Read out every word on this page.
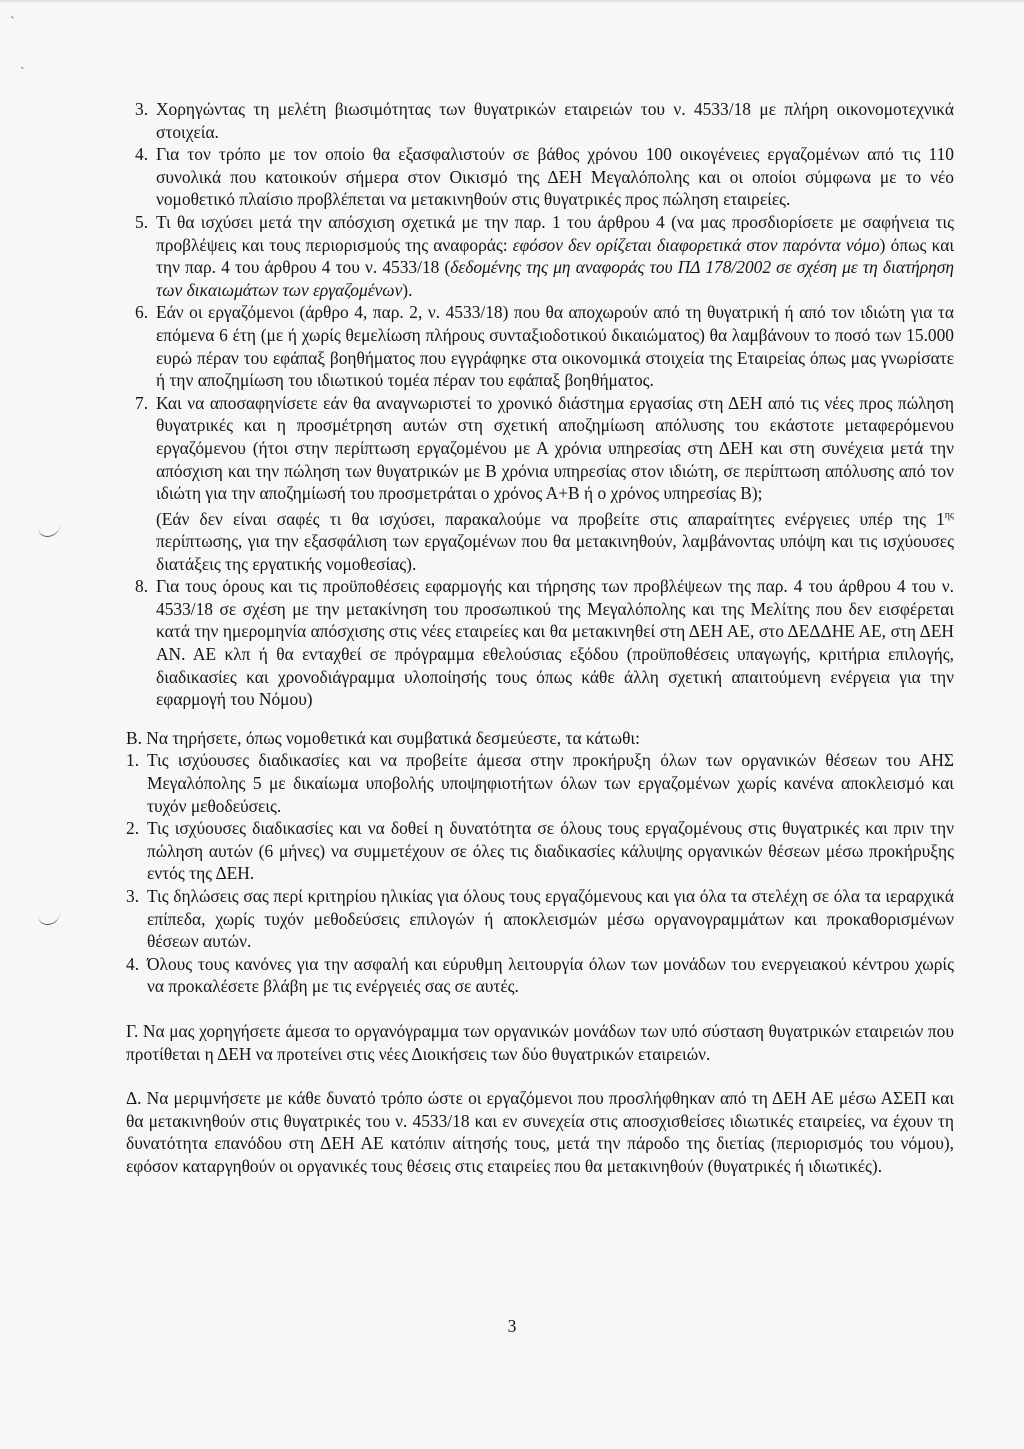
ˋ
ˎ
3. Χορηγώντας τη μελέτη βιωσιμότητας των θυγατρικών εταιρειών του ν. 4533/18 με πλήρη οικονομοτεχνικά στοιχεία.
4. Για τον τρόπο με τον οποίο θα εξασφαλιστούν σε βάθος χρόνου 100 οικογένειες εργαζομένων από τις 110 συνολικά που κατοικούν σήμερα στον Οικισμό της ΔΕΗ Μεγαλόπολης και οι οποίοι σύμφωνα με το νέο νομοθετικό πλαίσιο προβλέπεται να μετακινηθούν στις θυγατρικές προς πώληση εταιρείες.
5. Τι θα ισχύσει μετά την απόσχιση σχετικά με την παρ. 1 του άρθρου 4 (να μας προσδιορίσετε με σαφήνεια τις προβλέψεις και τους περιορισμούς της αναφοράς: εφόσον δεν ορίζεται διαφορετικά στον παρόντα νόμο) όπως και την παρ. 4 του άρθρου 4 του ν. 4533/18 (δεδομένης της μη αναφοράς του ΠΔ 178/2002 σε σχέση με τη διατήρηση των δικαιωμάτων των εργαζομένων).
6. Εάν οι εργαζόμενοι (άρθρο 4, παρ. 2, ν. 4533/18) που θα αποχωρούν από τη θυγατρική ή από τον ιδιώτη για τα επόμενα 6 έτη (με ή χωρίς θεμελίωση πλήρους συνταξιοδοτικού δικαιώματος) θα λαμβάνουν το ποσό των 15.000 ευρώ πέραν του εφάπαξ βοηθήματος που εγγράφηκε στα οικονομικά στοιχεία της Εταιρείας όπως μας γνωρίσατε ή την αποζημίωση του ιδιωτικού τομέα πέραν του εφάπαξ βοηθήματος.
7. Και να αποσαφηνίσετε εάν θα αναγνωριστεί το χρονικό διάστημα εργασίας στη ΔΕΗ από τις νέες προς πώληση θυγατρικές και η προσμέτρηση αυτών στη σχετική αποζημίωση απόλυσης του εκάστοτε μεταφερόμενου εργαζόμενου (ήτοι στην περίπτωση εργαζομένου με Α χρόνια υπηρεσίας στη ΔΕΗ και στη συνέχεια μετά την απόσχιση και την πώληση των θυγατρικών με Β χρόνια υπηρεσίας στον ιδιώτη, σε περίπτωση απόλυσης από τον ιδιώτη για την αποζημίωσή του προσμετράται ο χρόνος Α+Β ή ο χρόνος υπηρεσίας Β);

(Εάν δεν είναι σαφές τι θα ισχύσει, παρακαλούμε να προβείτε στις απαραίτητες ενέργειες υπέρ της $1^{\eta\varsigma}$ περίπτωσης, για την εξασφάλιση των εργαζομένων που θα μετακινηθούν, λαμβάνοντας υπόψη και τις ισχύουσες διατάξεις της εργατικής νομοθεσίας).

8. Για τους όρους και τις προϋποθέσεις εφαρμογής και τήρησης των προβλέψεων της παρ. 4 του άρθρου 4 του ν. 4533/18 σε σχέση με την μετακίνηση του προσωπικού της Μεγαλόπολης και της Μελίτης που δεν εισφέρεται κατά την ημερομηνία απόσχισης στις νέες εταιρείες και θα μετακινηθεί στη ΔΕΗ ΑΕ, στο ΔΕΔΔΗΕ ΑΕ, στη ΔΕΗ ΑΝ. ΑΕ κλπ ή θα ενταχθεί σε πρόγραμμα εθελούσιας εξόδου (προϋποθέσεις υπαγωγής, κριτήρια επιλογής, διαδικασίες και χρονοδιάγραμμα υλοποίησής τους όπως κάθε άλλη σχετική απαιτούμενη ενέργεια για την εφαρμογή του Νόμου)

Β. Να τηρήσετε, όπως νομοθετικά και συμβατικά δεσμεύεστε, τα κάτωθι:

1. Τις ισχύουσες διαδικασίες και να προβείτε άμεσα στην προκήρυξη όλων των οργανικών θέσεων του ΑΗΣ Μεγαλόπολης 5 με δικαίωμα υποβολής υποψηφιοτήτων όλων των εργαζομένων χωρίς κανένα αποκλεισμό και τυχόν μεθοδεύσεις.
2. Τις ισχύουσες διαδικασίες και να δοθεί η δυνατότητα σε όλους τους εργαζομένους στις θυγατρικές και πριν την πώληση αυτών (6 μήνες) να συμμετέχουν σε όλες τις διαδικασίες κάλυψης οργανικών θέσεων μέσω προκήρυξης εντός της ΔΕΗ.
3. Τις δηλώσεις σας περί κριτηρίου ηλικίας για όλους τους εργαζόμενους και για όλα τα στελέχη σε όλα τα ιεραρχικά επίπεδα, χωρίς τυχόν μεθοδεύσεις επιλογών ή αποκλεισμών μέσω οργανογραμμάτων και προκαθορισμένων θέσεων αυτών.
4. Όλους τους κανόνες για την ασφαλή και εύρυθμη λειτουργία όλων των μονάδων του ενεργειακού κέντρου χωρίς να προκαλέσετε βλάβη με τις ενέργειές σας σε αυτές.

Γ. Να μας χορηγήσετε άμεσα το οργανόγραμμα των οργανικών μονάδων των υπό σύσταση θυγατρικών εταιρειών που προτίθεται η ΔΕΗ να προτείνει στις νέες Διοικήσεις των δύο θυγατρικών εταιρειών.

Δ. Να μεριμνήσετε με κάθε δυνατό τρόπο ώστε οι εργαζόμενοι που προσλήφθηκαν από τη ΔΕΗ ΑΕ μέσω ΑΣΕΠ και θα μετακινηθούν στις θυγατρικές του ν. 4533/18 και εν συνεχεία στις αποσχισθείσες ιδιωτικές εταιρείες, να έχουν τη δυνατότητα επανόδου στη ΔΕΗ ΑΕ κατόπιν αίτησής τους, μετά την πάροδο της διετίας (περιορισμός του νόμου), εφόσον καταργηθούν οι οργανικές τους θέσεις στις εταιρείες που θα μετακινηθούν (θυγατρικές ή ιδιωτικές).

3
